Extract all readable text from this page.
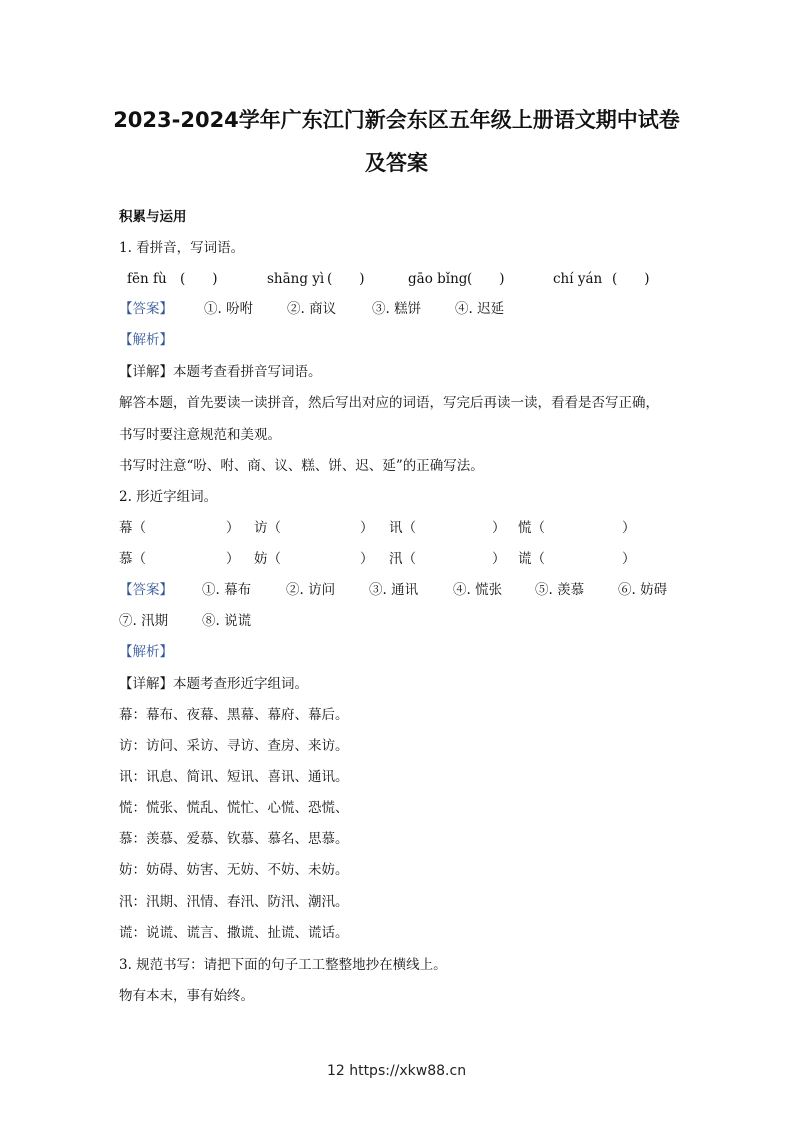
2023-2024学年广东江门新会东区五年级上册语文期中试卷
及答案
积累与运用
1. 看拼音，写词语。
fēn fù (　　)	shāng yì (　　)	gāo bǐng (　　)	chí yán (　　)
【答案】 ①. 吩咐	②. 商议	③. 糕饼	④. 迟延
【解析】
【详解】本题考查看拼音写词语。
解答本题，首先要读一读拼音，然后写出对应的词语，写完后再读一读，看看是否写正确，
书写时要注意规范和美观。
书写时注意“吩、咐、商、议、糕、饼、迟、延”的正确写法。
2. 形近字组词。
幕（	） 访（	） 讯（	） 慌（	）
慕（	） 妨（	） 汛（	） 谎（	）
【答案】 ①. 幕布	②. 访问	③. 通讯	④. 慌张 ⑤. 羡慕	⑥. 妨碍
⑦. 汛期	⑧. 说谎
【解析】
【详解】本题考查形近字组词。
幕：幕布、夜幕、黑幕、幕府、幕后。
访：访问、采访、寻访、查房、来访。
讯：讯息、简讯、短讯、喜讯、通讯。
慌：慌张、慌乱、慌忙、心慌、恐慌、
慕：羡慕、爱慕、钦慕、慕名、思慕。
妨：妨碍、妨害、无妨、不妨、未妨。
汛：汛期、汛情、春汛、防汛、潮汛。
谎：说谎、谎言、撒谎、扯谎、谎话。
3. 规范书写：请把下面的句子工工整整地抄在横线上。
物有本末，事有始终。
12 https://xkw88.cn
